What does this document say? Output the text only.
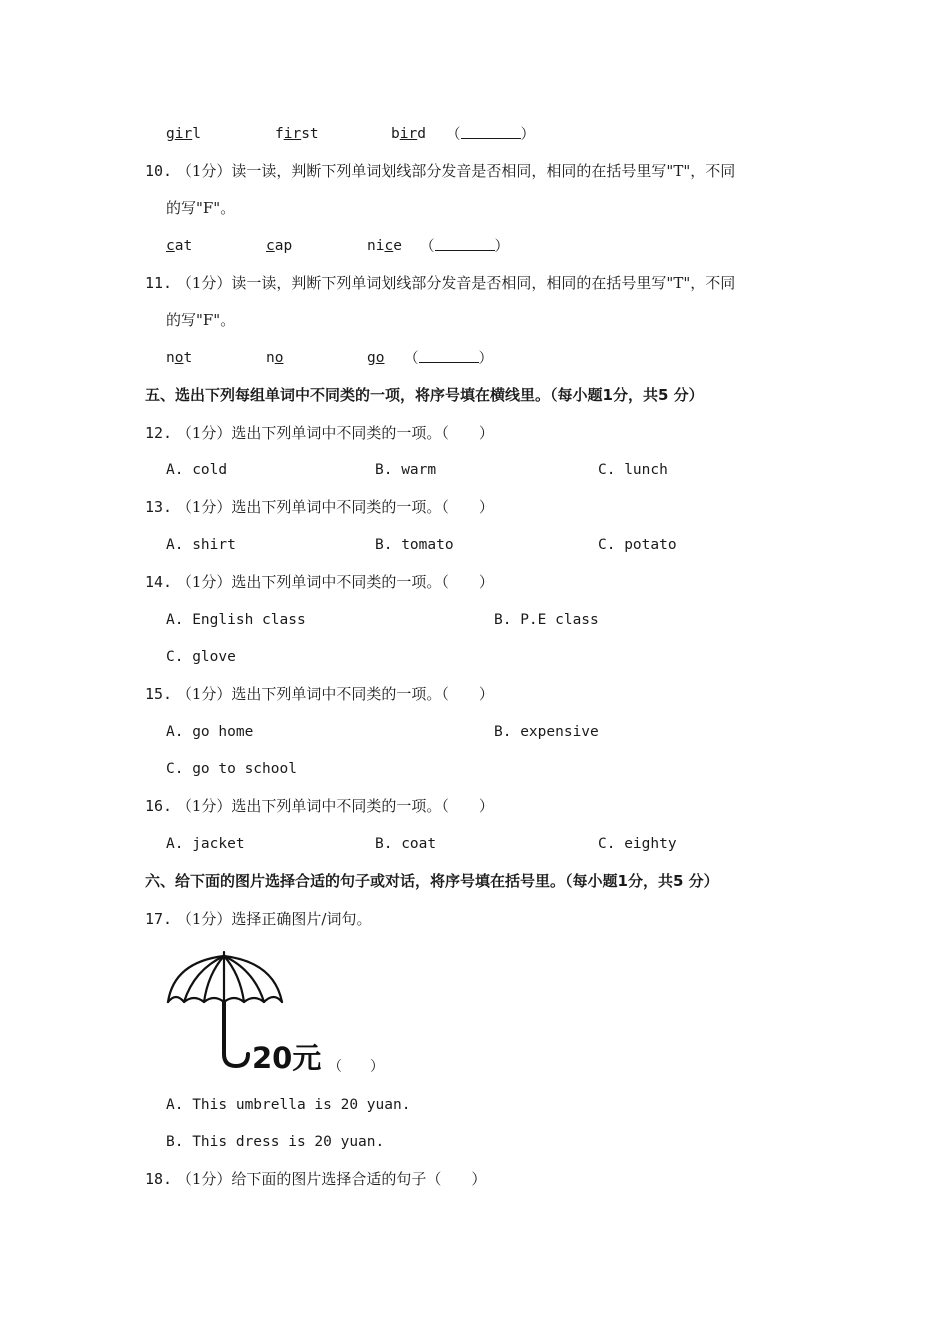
girl	first	bird （	）
10. （1分）读一读，判断下列单词划线部分发音是否相同，相同的在括号里写"T"，不同
的写"F"。
cat	cap	nice （	）
11. （1分）读一读，判断下列单词划线部分发音是否相同，相同的在括号里写"T"，不同
的写"F"。
not	no	go （	）
五、选出下列每组单词中不同类的一项，将序号填在横线里。（每小题1分，共5 分）
12. （1分）选出下列单词中不同类的一项。（　　）
A. cold	B. warm	C. lunch
13. （1分）选出下列单词中不同类的一项。（　　）
A. shirt	B. tomato	C. potato
14. （1分）选出下列单词中不同类的一项。（　　）
A. English class	B. P.E class
C. glove
15. （1分）选出下列单词中不同类的一项。（　　）
A. go home	B. expensive
C. go to school
16. （1分）选出下列单词中不同类的一项。（　　）
A. jacket	B. coat	C. eighty
六、给下面的图片选择合适的句子或对话，将序号填在括号里。（每小题1分，共5 分）
17. （1分）选择正确图片/词句。
20元 （　　）
A. This umbrella is 20 yuan.
B. This dress is 20 yuan.
18. （1分）给下面的图片选择合适的句子（　　）
